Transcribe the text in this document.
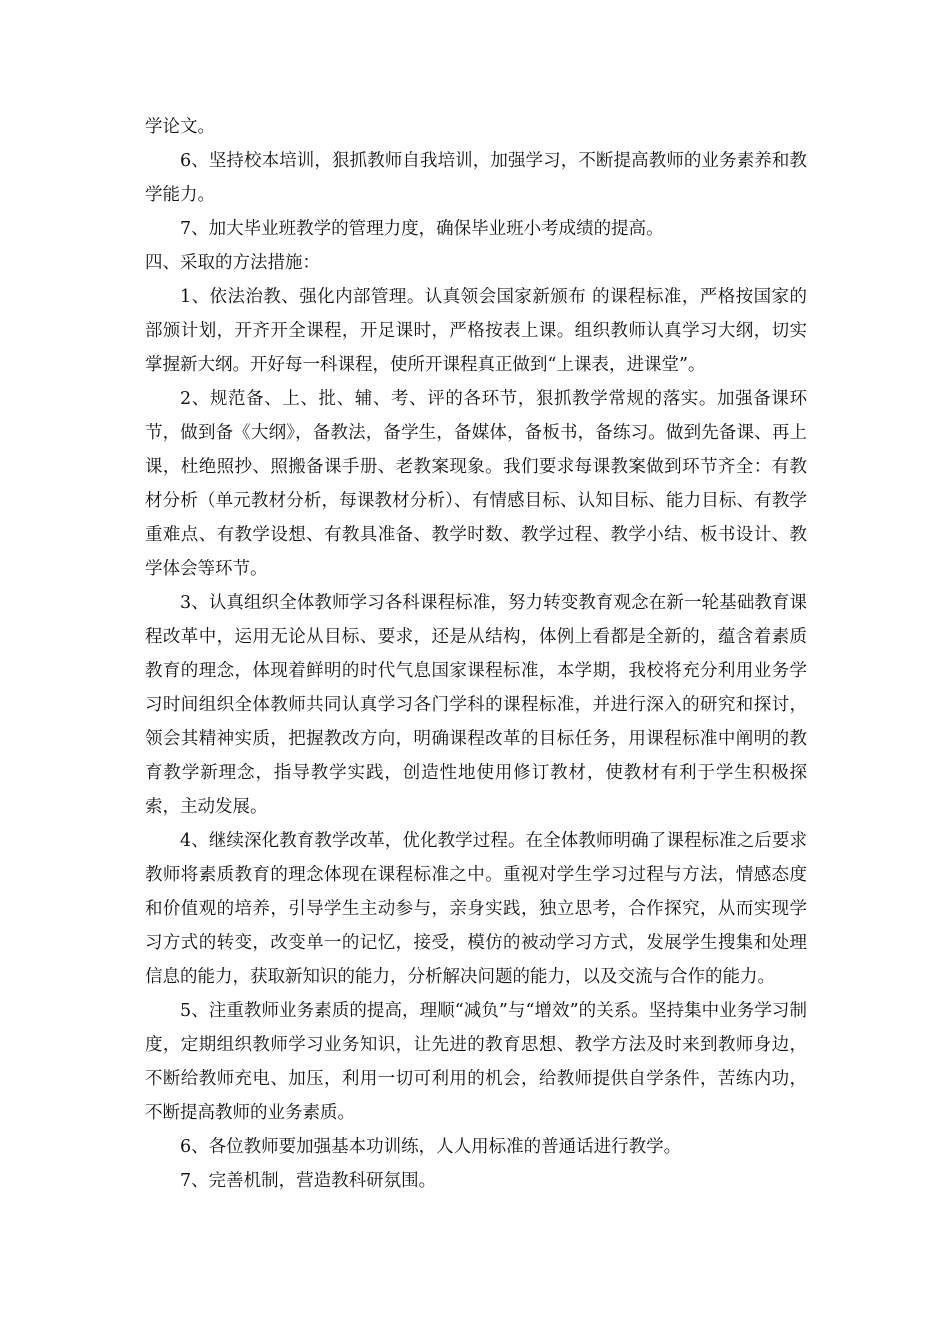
学论文。

6、坚持校本培训，狠抓教师自我培训，加强学习，不断提高教师的业务素养和教学能力。

7、加大毕业班教学的管理力度，确保毕业班小考成绩的提高。

四、采取的方法措施：

1、依法治教、强化内部管理。认真领会国家新颁布 的课程标准，严格按国家的部颁计划，开齐开全课程，开足课时，严格按表上课。组织教师认真学习大纲，切实掌握新大纲。开好每一科课程，使所开课程真正做到“上课表，进课堂”。

2、规范备、上、批、辅、考、评的各环节，狠抓教学常规的落实。加强备课环节，做到备《大纲》，备教法，备学生，备媒体，备板书，备练习。做到先备课、再上课，杜绝照抄、照搬备课手册、老教案现象。我们要求每课教案做到环节齐全：有教材分析（单元教材分析，每课教材分析）、有情感目标、认知目标、能力目标、有教学重难点、有教学设想、有教具准备、教学时数、教学过程、教学小结、板书设计、教学体会等环节。

3、认真组织全体教师学习各科课程标准，努力转变教育观念在新一轮基础教育课程改革中，运用无论从目标、要求，还是从结构，体例上看都是全新的，蕴含着素质教育的理念，体现着鲜明的时代气息国家课程标准，本学期，我校将充分利用业务学习时间组织全体教师共同认真学习各门学科的课程标准，并进行深入的研究和探讨，领会其精神实质，把握教改方向，明确课程改革的目标任务，用课程标准中阐明的教育教学新理念，指导教学实践，创造性地使用修订教材，使教材有利于学生积极探索，主动发展。

4、继续深化教育教学改革，优化教学过程。在全体教师明确了课程标准之后要求教师将素质教育的理念体现在课程标准之中。重视对学生学习过程与方法，情感态度和价值观的培养，引导学生主动参与，亲身实践，独立思考，合作探究，从而实现学习方式的转变，改变单一的记忆，接受，模仿的被动学习方式，发展学生搜集和处理信息的能力，获取新知识的能力，分析解决问题的能力，以及交流与合作的能力。

5、注重教师业务素质的提高，理顺“减负”与“增效”的关系。坚持集中业务学习制度，定期组织教师学习业务知识，让先进的教育思想、教学方法及时来到教师身边，不断给教师充电、加压，利用一切可利用的机会，给教师提供自学条件，苦练内功，不断提高教师的业务素质。

6、各位教师要加强基本功训练，人人用标准的普通话进行教学。

7、完善机制，营造教科研氛围。
